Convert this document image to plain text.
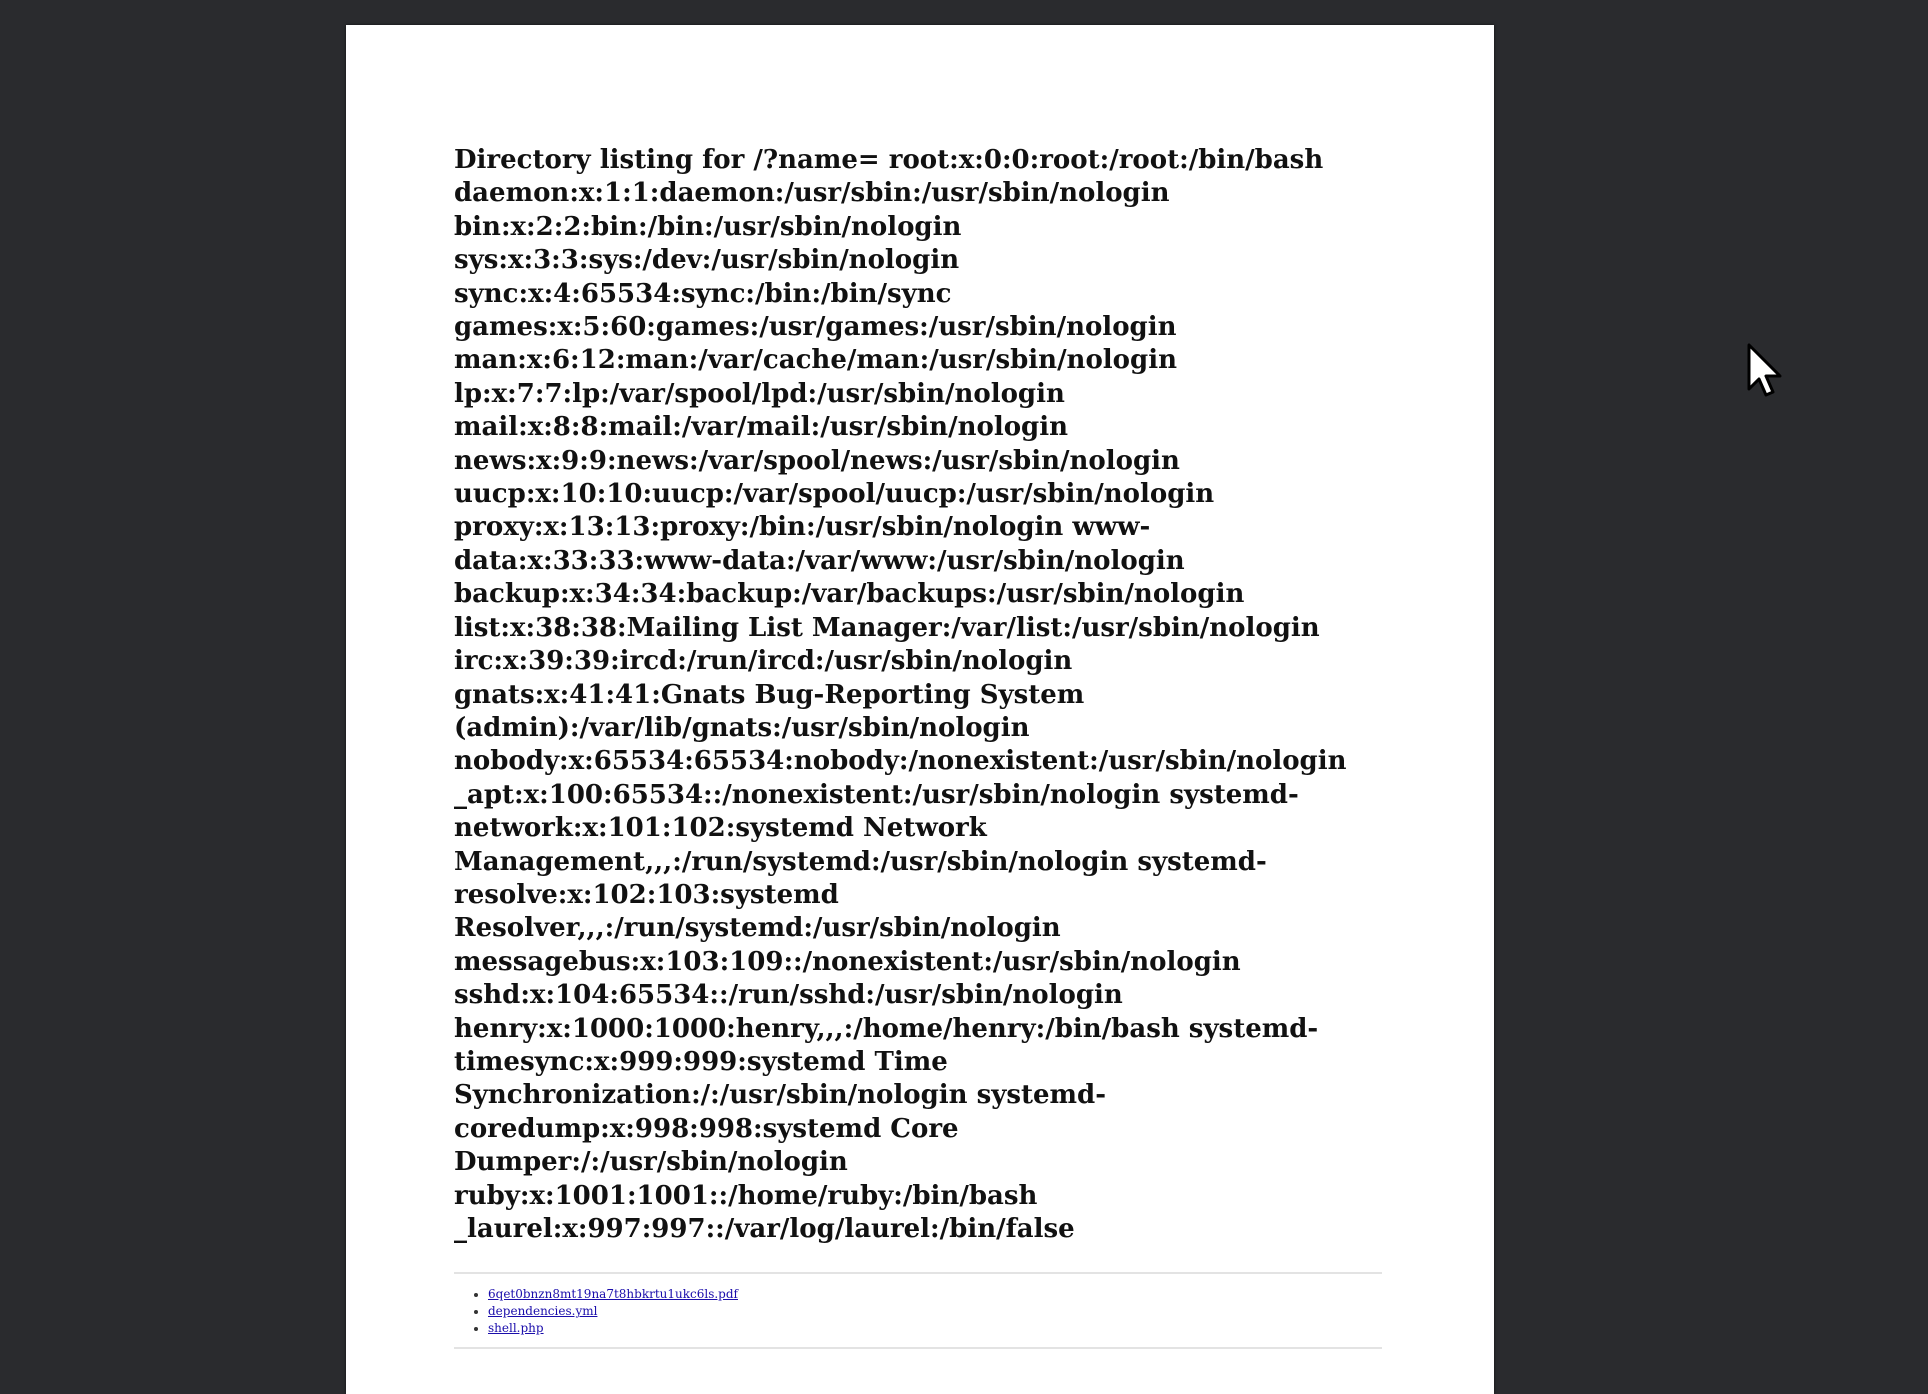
Directory listing for /?name= root:x:0:0:root:/root:/bin/bash
daemon:x:1:1:daemon:/usr/sbin:/usr/sbin/nologin
bin:x:2:2:bin:/bin:/usr/sbin/nologin
sys:x:3:3:sys:/dev:/usr/sbin/nologin
sync:x:4:65534:sync:/bin:/bin/sync
games:x:5:60:games:/usr/games:/usr/sbin/nologin
man:x:6:12:man:/var/cache/man:/usr/sbin/nologin
lp:x:7:7:lp:/var/spool/lpd:/usr/sbin/nologin
mail:x:8:8:mail:/var/mail:/usr/sbin/nologin
news:x:9:9:news:/var/spool/news:/usr/sbin/nologin
uucp:x:10:10:uucp:/var/spool/uucp:/usr/sbin/nologin
proxy:x:13:13:proxy:/bin:/usr/sbin/nologin www-
data:x:33:33:www-data:/var/www:/usr/sbin/nologin
backup:x:34:34:backup:/var/backups:/usr/sbin/nologin
list:x:38:38:Mailing List Manager:/var/list:/usr/sbin/nologin
irc:x:39:39:ircd:/run/ircd:/usr/sbin/nologin
gnats:x:41:41:Gnats Bug-Reporting System
(admin):/var/lib/gnats:/usr/sbin/nologin
nobody:x:65534:65534:nobody:/nonexistent:/usr/sbin/nologin
_apt:x:100:65534::/nonexistent:/usr/sbin/nologin systemd-
network:x:101:102:systemd Network
Management,,,:/run/systemd:/usr/sbin/nologin systemd-
resolve:x:102:103:systemd
Resolver,,,:/run/systemd:/usr/sbin/nologin
messagebus:x:103:109::/nonexistent:/usr/sbin/nologin
sshd:x:104:65534::/run/sshd:/usr/sbin/nologin
henry:x:1000:1000:henry,,,:/home/henry:/bin/bash systemd-
timesync:x:999:999:systemd Time
Synchronization:/:/usr/sbin/nologin systemd-
coredump:x:998:998:systemd Core
Dumper:/:/usr/sbin/nologin
ruby:x:1001:1001::/home/ruby:/bin/bash
_laurel:x:997:997::/var/log/laurel:/bin/false
• 6qet0bnzn8mt19na7t8hbkrtu1ukc6ls.pdf
• dependencies.yml
• shell.php
